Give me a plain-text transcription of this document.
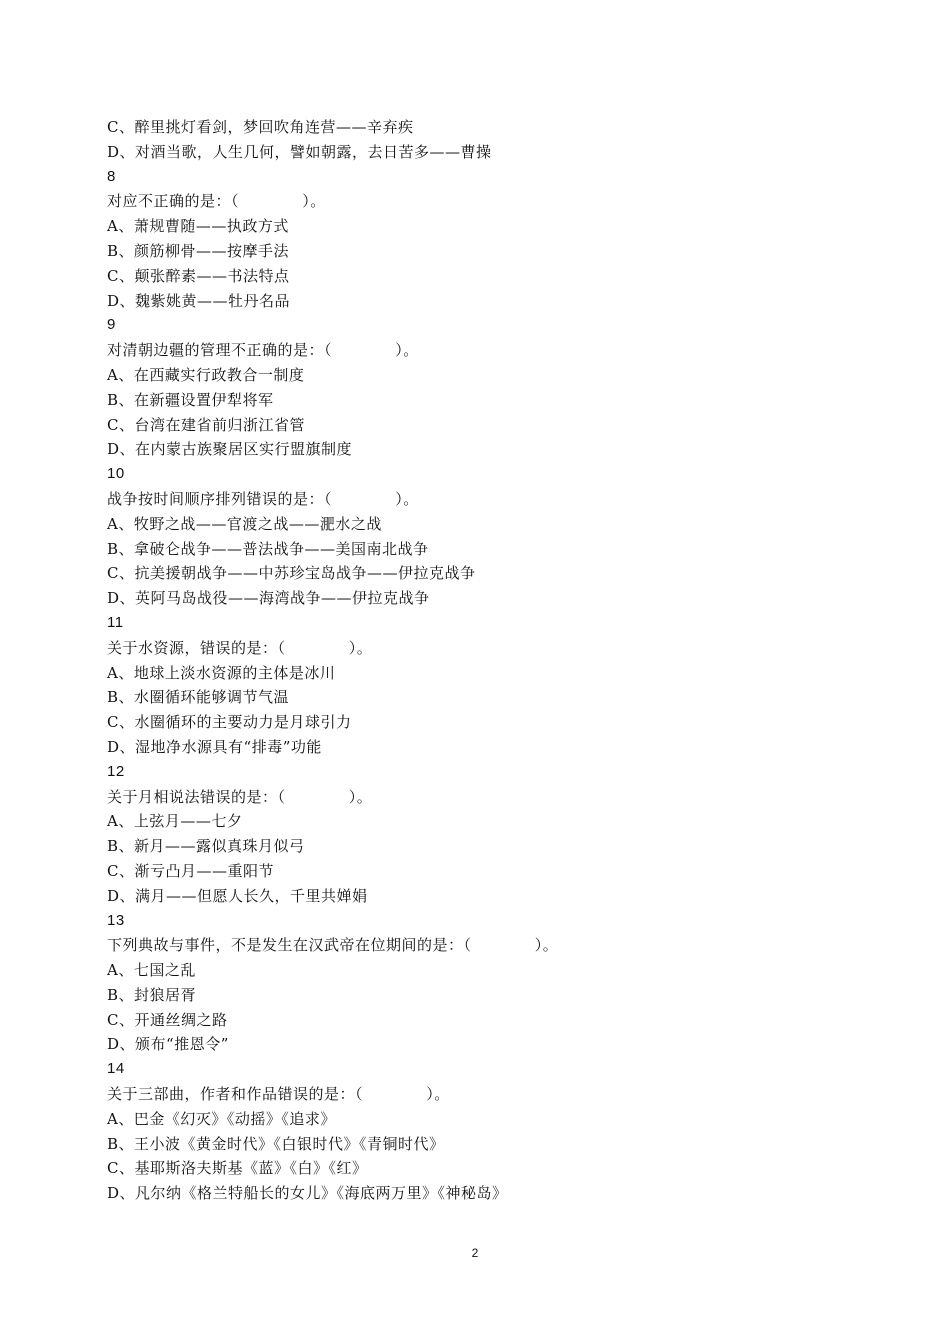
C、醉里挑灯看剑，梦回吹角连营——辛弃疾
D、对酒当歌，人生几何，譬如朝露，去日苦多——曹操
8
对应不正确的是：（            ）。
A、萧规曹随——执政方式
B、颜筋柳骨——按摩手法
C、颠张醉素——书法特点
D、魏紫姚黄——牡丹名品
9
对清朝边疆的管理不正确的是：（            ）。
A、在西藏实行政教合一制度
B、在新疆设置伊犁将军
C、台湾在建省前归浙江省管
D、在内蒙古族聚居区实行盟旗制度
10
战争按时间顺序排列错误的是：（            ）。
A、牧野之战——官渡之战——淝水之战
B、拿破仑战争——普法战争——美国南北战争
C、抗美援朝战争——中苏珍宝岛战争——伊拉克战争
D、英阿马岛战役——海湾战争——伊拉克战争
11
关于水资源，错误的是：（            ）。
A、地球上淡水资源的主体是冰川
B、水圈循环能够调节气温
C、水圈循环的主要动力是月球引力
D、湿地净水源具有“排毒”功能
12
关于月相说法错误的是：（            ）。
A、上弦月——七夕
B、新月——露似真珠月似弓
C、渐亏凸月——重阳节
D、满月——但愿人长久，千里共婵娟
13
下列典故与事件，不是发生在汉武帝在位期间的是：（            ）。
A、七国之乱
B、封狼居胥
C、开通丝绸之路
D、颁布“推恩令”
14
关于三部曲，作者和作品错误的是：（            ）。
A、巴金《幻灭》《动摇》《追求》
B、王小波《黄金时代》《白银时代》《青铜时代》
C、基耶斯洛夫斯基《蓝》《白》《红》
D、凡尔纳《格兰特船长的女儿》《海底两万里》《神秘岛》
2
